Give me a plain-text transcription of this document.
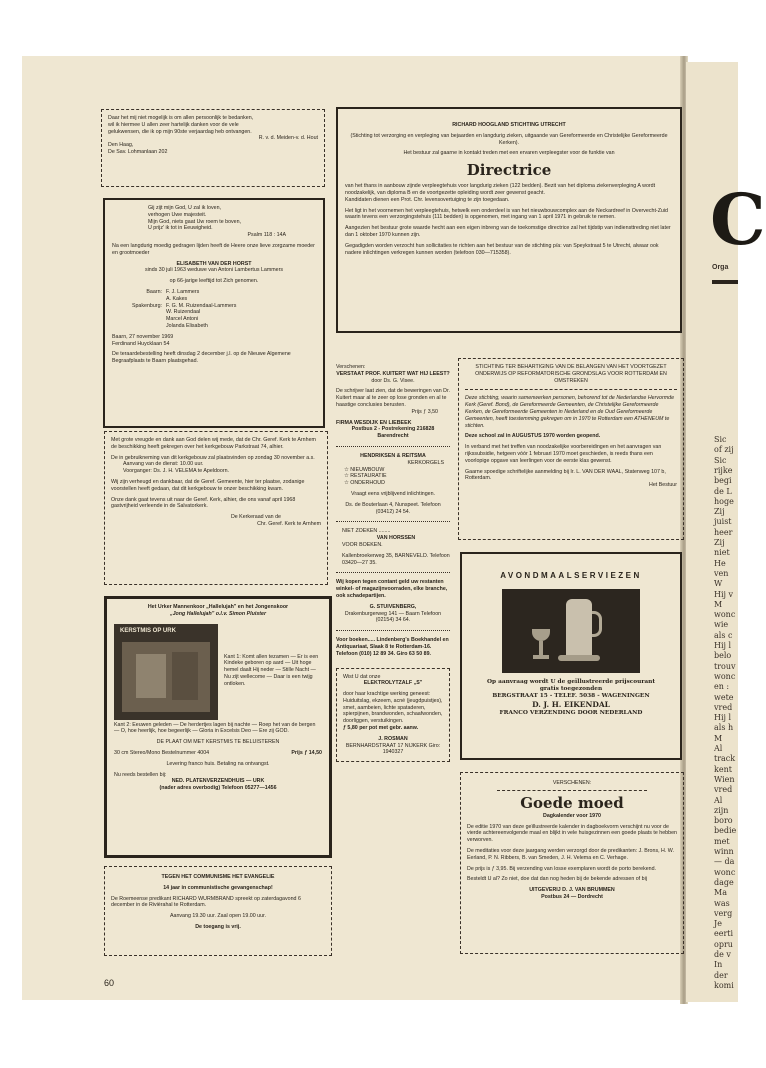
Daar het mij niet mogelijk is om allen persoonlijk te bedanken,
wil ik hiermee U allen zeer hartelijk danken voor de vele
gelukwensen, die ik op mijn 90ste verjaardag heb ontvangen.
R. v. d. Meiden-v. d. Hout
Den Haag,
De Sav. Lohmanlaan 202
RICHARD HOOGLAND STICHTING UTRECHT
(Stichting tot verzorging en verpleging van bejaarden en langdurig zieken, uitgaande van Gereformeerde en Christelijke Gereformeerde Kerken).
Het bestuur zal gaarne in kontakt treden met een ervaren verpleegster voor de funktie van
Directrice
van het thans in aanbouw zijnde verpleegtehuis voor langdurig zieken (122 bedden). Bezit van het diploma ziekenverpleging A wordt noodzakelijk, van diploma B en de voortgezette opleiding wordt zeer gewenst geacht.
Kandidaten dienen een Prot. Chr. levensovertuiging te zijn toegedaan.
Het ligt in het voornemen het verpleegtehuis, hetwelk een onderdeel is van het nieuwbouwcomplex aan de Neckardreef in Overvecht-Zuid waarin tevens een verzorgingstehuis (111 bedden) is opgenomen, met ingang van 1 april 1971 in gebruik te nemen.
Aangezien het bestuur grote waarde hecht aan een eigen inbreng van de toekomstige directrice zal het tijdstip van indiensttreding niet later dan 1 oktober 1970 kunnen zijn.
Gegadigden worden verzocht hun sollicitaties te richten aan het bestuur van de stichting p/a: van Speykstraat 5 te Utrecht, alwaar ook nadere inlichtingen verkregen kunnen worden (telefoon 030—715358).
Gij zijt mijn God, U zal ik loven,
verhogen Uwe majesteit.
Mijn God, niets gaat Uw roem te boven,
U prijz' ik tot in Eeuwigheid.
Psalm 118 : 14A
Na een langdurig moedig gedragen lijden heeft de Heere onze lieve zorgzame moeder en grootmoeder
ELISABETH VAN DER HORST
sinds 30 juli 1963 weduwe van Antoni Lambertus Lammers
op 66-jarige leeftijd tot Zich genomen.
Baarn: F. J. Lammers
A. Kakes
Spakenburg: F. G. M. Ruizendaal-Lammers
W. Ruizendaal
Marcel Antoni
Jolanda Elisabeth
Baarn, 27 november 1969
Ferdinand Huycklaan 54
De teraardebestelling heeft dinsdag 2 december j.l. op de Nieuwe Algemene Begraafplaats te Baarn plaatsgehad.
Met grote vreugde en dank aan God delen wij mede, dat de Chr. Geref. Kerk te Arnhem de beschikking heeft gekregen over het kerkgebouw Parkstraat 74, alhier.
De in gebruikneming van dit kerkgebouw zal plaatsvinden op zondag 30 november a.s.
Aanvang van de dienst: 10.00 uur.
Voorganger: Ds. J. H. VELEMA te Apeldoorn.
Wij zijn verheugd en dankbaar, dat de Geref. Gemeente, hier ter plaatse, zodanige voorstellen heeft gedaan, dat dit kerkgebouw te onzer beschikking kwam.
Onze dank gaat tevens uit naar de Geref. Kerk, alhier, die ons vanaf april 1968 gastvrijheid verleende in de Salvatorkerk.
De Kerkeraad van de
Chr. Geref. Kerk te Arnhem
Het Urker Mannenkoor „Hallelujah" en het Jongenskoor
„Jong Hallelujah" o.l.v. Simon Pluister
KERSTMIS OP URK
Kant 1: Komt allen tezamen — Er is een Kindeke geboren op aard — Uit hoge hemel daalt Hij neder — Stille Nacht — Nu zijt wellecome — Daar is een twijg ontloken.
Kant 2: Eeuwen geleden — De herdertjes lagen bij nachte — Roep het van de bergen — O, hoe heerlijk, hoe begeerlijk — Gloria in Excelsis Deo — Ere zij GOD.
DE PLAAT OM MET KERSTMIS TE BELUISTEREN
30 cm Stereo/Mono Bestelnummer 4004	Prijs ƒ 14,50
Levering franco huis. Betaling na ontvangst.
Nu reeds bestellen bij:
NED. PLATENVERZENDHUIS — URK
(nader adres overbodig) Telefoon 05277—1456
TEGEN HET COMMUNISME HET EVANGELIE
14 jaar in communistische gevangenschap!
De Roemeense predikant RICHARD WURMBRAND spreekt op zaterdagavond 6 december in de Rivièrahal te Rotterdam.
Aanvang 19.30 uur. Zaal open 19.00 uur.
De toegang is vrij.
Verschenen:
VERSTAAT PROF. KUITERT WAT HIJ LEEST?
door Ds. G. Visee.
De schrijver laat zien, dat de beweringen van Dr. Kuitert maar al te zeer op lose gronden en al te haastige conclusies berusten.
Prijs ƒ 3,50
FIRMA WESDIJK EN LIEBEEK
Postbus 2 - Postrekening 216828 Barendrecht
HENDRIKSEN & REITSMA
KERKORGELS
☆ NIEUWBOUW
☆ RESTAURATIE
☆ ONDERHOUD
Vraagt eens vrijblijvend inlichtingen.
Ds. de Bouterlaan 4, Nunspeet. Telefoon (03412) 24 54.
NIET ZOEKEN ........
VAN HORSSEN
VOOR BOEKEN.
Kallenbroekerweg 35, BARNEVELD. Telefoon 03420—27 35.
Wij kopen tegen contant geld uw restanten winkel- of magazijnvoorraden, elke branche, ook schadepartijen.
G. STUIVENBERG,
Drakenburgerweg 141 — Baarn Telefoon (02154) 34 64.
Voor boeken..... Lindenberg's Boekhandel en Antiquariaat, Slaak 8 te Rotterdam-16. Telefoon (010) 12 89 34. Giro 63 50 89.
Wist U dat onze
ELEKTROLYTZALF „S"
door haar krachtige werking geneest: Huiduitslag, ekzeem, acné (jeugdpuistjes), smet, aambeien, lichte spataderen, spierpijnen, brandwonden, schaafwonden, doorliggen, verstuikingen.
ƒ 5,80 per pot met gebr. aanw.
J. ROSMAN
BERNHARDSTRAAT 17 NIJKERK Giro: 1940327
STICHTING TER BEHARTIGING VAN DE BELANGEN VAN HET VOORTGEZET ONDERWIJS OP REFORMATORISCHE GRONDSLAG VOOR ROTTERDAM EN OMSTREKEN
Deze stichting, waarin samenwerken personen, behorend tot de Nederlandse Hervormde Kerk (Geref. Bond), de Gereformeerde Gemeenten, de Christelijke Gereformeerde Kerken, de Gereformeerde Gemeenten in Nederland en de Oud Gereformeerde Gemeenten, heeft toestemming gekregen om in 1970 te Rotterdam een ATHENEUM te stichten.
Deze school zal in AUGUSTUS 1970 worden geopend.
In verband met het treffen van noodzakelijke voorbereidingen en het aanvragen van rijkssubsidie, hetgeen vóór 1 februari 1970 moet geschieden, is reeds thans een voorlopige opgave van leerlingen voor de eerste klas gewenst.
Gaarne spoedige schriftelijke aanmelding bij Ir. L. VAN DER WAAL, Statenweg 107 b, Rotterdam.
Het Bestuur
AVONDMAALSERVIEZEN
Op aanvraag wordt U de geïllustreerde prijscourant
gratis toegezonden
BERGSTRAAT 15 - TELEF. 5038 - WAGENINGEN
D. J. H. EIKENDAL
FRANCO VERZENDING DOOR NEDERLAND
VERSCHENEN:
Goede moed
Dagkalender voor 1970
De editie 1970 van deze geïllustreerde kalender in dagboekvorm verschijnt nu voor de vierde achtereenvolgende maal en blijkt in vele huisgezinnen een goede plaats te hebben verworven.
De meditaties voor deze jaargang werden verzorgd door de predikanten: J. Brons, H. W. Eerland, P. N. Ribbers, B. van Smeden, J. H. Velema en C. Verhage.
De prijs is ƒ 3,95. Bij verzending van losse exemplaren wordt de porto berekend.
Besteldt U al? Zo niet, doe dat dan nog heden bij de bekende adressen of bij
UITGEVERIJ D. J. VAN BRUMMEN
Postbus 24 — Dordrecht
60
C
Orga
Sic
of zij
Sic
rijke
begi
de L
hoge
Zij
juist
heer
Zij
niet
He
ven
W
Hij v
M
wonc
wie
als c
Hij l
belo
trouv
wonc
en :
wete
vred
Hij l
als h
M
Al
track
kent
Wien
vred
Al
zijn
boro
bedie
met
winn
— da
wonc
dage
Ma
was
verg
Je
eerti
opru
de v
In
der
komi
